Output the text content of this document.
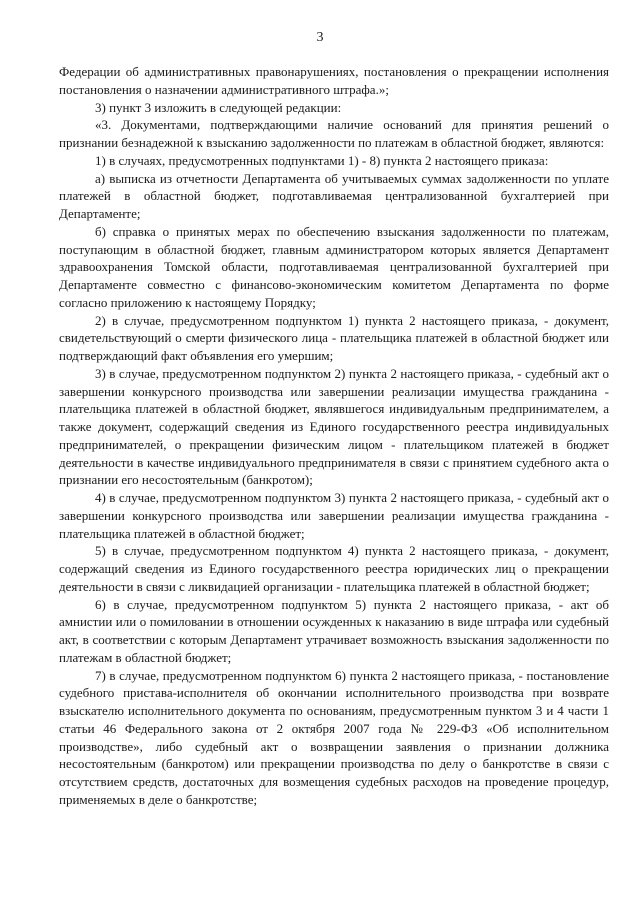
3

Федерации об административных правонарушениях, постановления о прекращении исполнения постановления о назначении административного штрафа.»;

3) пункт 3 изложить в следующей редакции:

«3. Документами, подтверждающими наличие оснований для принятия решений о признании безнадежной к взысканию задолженности по платежам в областной бюджет, являются:

1) в случаях, предусмотренных подпунктами 1) - 8) пункта 2 настоящего приказа:

а) выписка из отчетности Департамента об учитываемых суммах задолженности по уплате платежей в областной бюджет, подготавливаемая централизованной бухгалтерией при Департаменте;

б) справка о принятых мерах по обеспечению взыскания задолженности по платежам, поступающим в областной бюджет, главным администратором которых является Департамент здравоохранения Томской области, подготавливаемая централизованной бухгалтерией при Департаменте совместно с финансово-экономическим комитетом Департамента по форме согласно приложению к настоящему Порядку;

2) в случае, предусмотренном подпунктом 1) пункта 2 настоящего приказа, - документ, свидетельствующий о смерти физического лица - плательщика платежей в областной бюджет или подтверждающий факт объявления его умершим;

3) в случае, предусмотренном подпунктом 2) пункта 2 настоящего приказа, - судебный акт о завершении конкурсного производства или завершении реализации имущества гражданина - плательщика платежей в областной бюджет, являвшегося индивидуальным предпринимателем, а также документ, содержащий сведения из Единого государственного реестра индивидуальных предпринимателей, о прекращении физическим лицом - плательщиком платежей в бюджет деятельности в качестве индивидуального предпринимателя в связи с принятием судебного акта о признании его несостоятельным (банкротом);

4) в случае, предусмотренном подпунктом 3) пункта 2 настоящего приказа, - судебный акт о завершении конкурсного производства или завершении реализации имущества гражданина - плательщика платежей в областной бюджет;

5) в случае, предусмотренном подпунктом 4) пункта 2 настоящего приказа, - документ, содержащий сведения из Единого государственного реестра юридических лиц о прекращении деятельности в связи с ликвидацией организации - плательщика платежей в областной бюджет;

6) в случае, предусмотренном подпунктом 5) пункта 2 настоящего приказа, - акт об амнистии или о помиловании в отношении осужденных к наказанию в виде штрафа или судебный акт, в соответствии с которым Департамент утрачивает возможность взыскания задолженности по платежам в областной бюджет;

7) в случае, предусмотренном подпунктом 6) пункта 2 настоящего приказа, - постановление судебного пристава-исполнителя об окончании исполнительного производства при возврате взыскателю исполнительного документа по основаниям, предусмотренным пунктом 3 и 4 части 1 статьи 46 Федерального закона от 2 октября 2007 года № 229-ФЗ «Об исполнительном производстве», либо судебный акт о возвращении заявления о признании должника несостоятельным (банкротом) или прекращении производства по делу о банкротстве в связи с отсутствием средств, достаточных для возмещения судебных расходов на проведение процедур, применяемых в деле о банкротстве;
